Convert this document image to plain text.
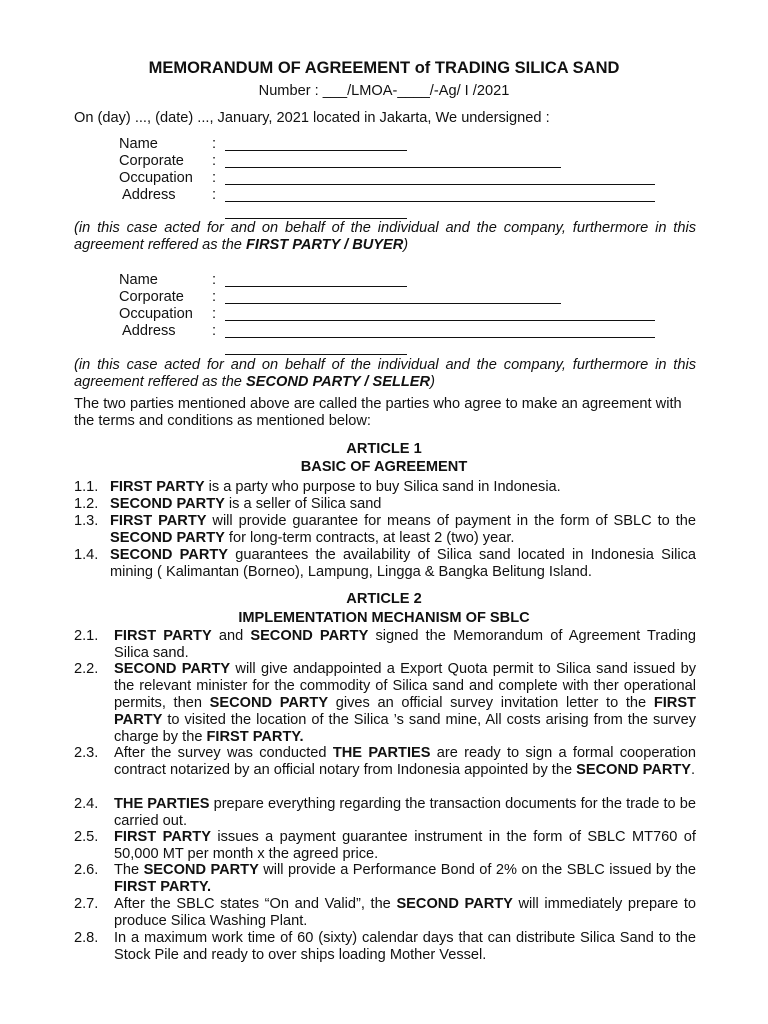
MEMORANDUM OF AGREEMENT of TRADING SILICA SAND
Number : ___/LMOA-____/-Ag/ I /2021
On (day) ..., (date) ..., January, 2021 located in Jakarta, We undersigned :
Name	:
Corporate :
Occupation :
Address :
(in this case acted for and on behalf of the individual and the company, furthermore in this agreement reffered as the FIRST PARTY / BUYER)
Name	:
Corporate :
Occupation :
Address :
(in this case acted for and on behalf of the individual and the company, furthermore in this agreement reffered as the SECOND PARTY / SELLER)
The two parties mentioned above are called the parties who agree to make an agreement with the terms and conditions as mentioned below:
ARTICLE 1
BASIC OF AGREEMENT
1.1. FIRST PARTY is a party who purpose to buy Silica sand in Indonesia.
1.2. SECOND PARTY is a seller of Silica sand
1.3. FIRST PARTY will provide guarantee for means of payment in the form of SBLC to the SECOND PARTY for long-term contracts, at least 2 (two) year.
1.4. SECOND PARTY guarantees the availability of Silica sand located in Indonesia Silica mining ( Kalimantan (Borneo), Lampung, Lingga & Bangka Belitung Island.
ARTICLE 2
IMPLEMENTATION MECHANISM OF SBLC
2.1.	FIRST PARTY and SECOND PARTY signed the Memorandum of Agreement Trading Silica sand.
2.2.	SECOND PARTY will give andappointed a Export Quota permit to Silica sand issued by the relevant minister for the commodity of Silica sand and complete with ther operational permits, then SECOND PARTY gives an official survey invitation letter to the FIRST PARTY to visited the location of the Silica ’s sand mine, All costs arising from the survey charge by the FIRST PARTY.
2.3.	After the survey was conducted THE PARTIES are ready to sign a formal cooperation contract notarized by an official notary from Indonesia appointed by the SECOND PARTY.
2.4.	THE PARTIES prepare everything regarding the transaction documents for the trade to be carried out.
2.5.	FIRST PARTY issues a payment guarantee instrument in the form of SBLC MT760 of 50,000 MT per month x the agreed price.
2.6.	The SECOND PARTY will provide a Performance Bond of 2% on the SBLC issued by the FIRST PARTY.
2.7.	After the SBLC states “On and Valid”, the SECOND PARTY will immediately prepare to produce Silica Washing Plant.
2.8.	In a maximum work time of 60 (sixty) calendar days that can distribute Silica Sand to the Stock Pile and ready to over ships loading Mother Vessel.
